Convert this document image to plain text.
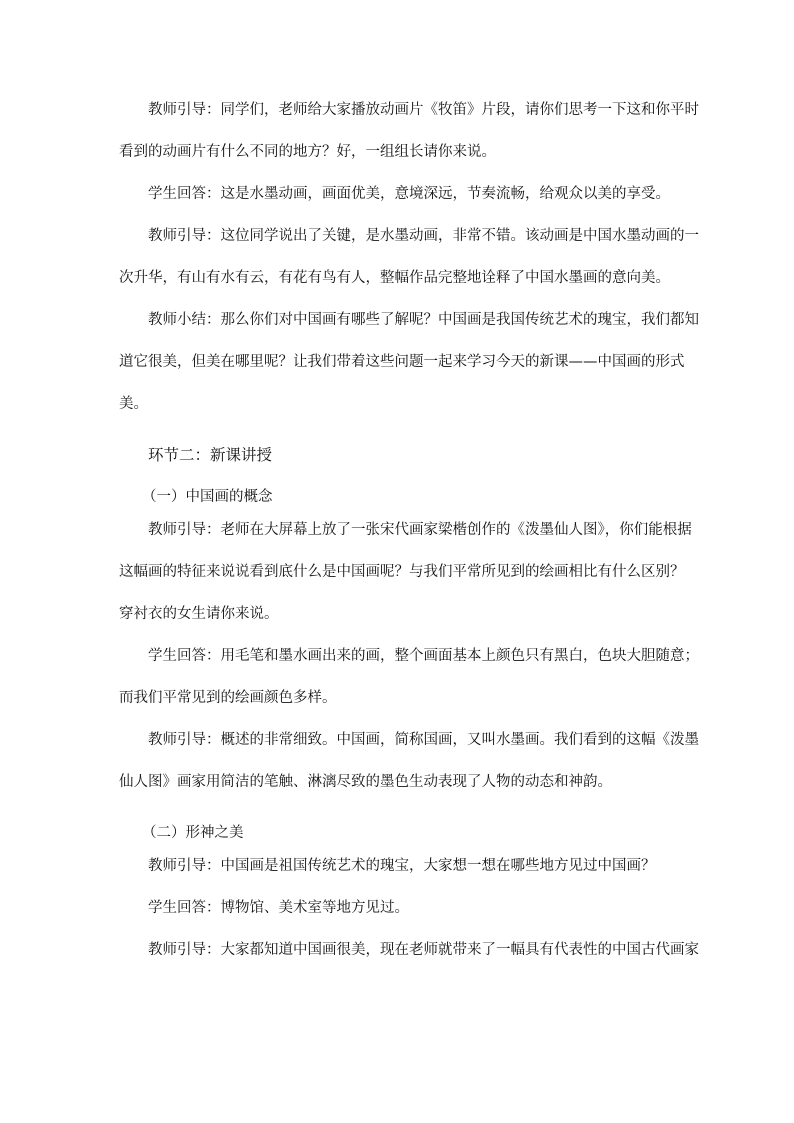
教师引导：同学们，老师给大家播放动画片《牧笛》片段，请你们思考一下这和你平时
看到的动画片有什么不同的地方？好，一组组长请你来说。
学生回答：这是水墨动画，画面优美，意境深远，节奏流畅，给观众以美的享受。
教师引导：这位同学说出了关键，是水墨动画，非常不错。该动画是中国水墨动画的一
次升华，有山有水有云，有花有鸟有人，整幅作品完整地诠释了中国水墨画的意向美。
教师小结：那么你们对中国画有哪些了解呢？中国画是我国传统艺术的瑰宝，我们都知
道它很美，但美在哪里呢？让我们带着这些问题一起来学习今天的新课——中国画的形式
美。

环节二：新课讲授

（一）中国画的概念

教师引导：老师在大屏幕上放了一张宋代画家梁楷创作的《泼墨仙人图》，你们能根据
这幅画的特征来说说看到底什么是中国画呢？与我们平常所见到的绘画相比有什么区别？
穿衬衣的女生请你来说。
学生回答：用毛笔和墨水画出来的画，整个画面基本上颜色只有黑白，色块大胆随意；
而我们平常见到的绘画颜色多样。
教师引导：概述的非常细致。中国画，简称国画，又叫水墨画。我们看到的这幅《泼墨
仙人图》画家用简洁的笔触、淋漓尽致的墨色生动表现了人物的动态和神韵。

（二）形神之美

教师引导：中国画是祖国传统艺术的瑰宝，大家想一想在哪些地方见过中国画？
学生回答：博物馆、美术室等地方见过。
教师引导：大家都知道中国画很美，现在老师就带来了一幅具有代表性的中国古代画家
